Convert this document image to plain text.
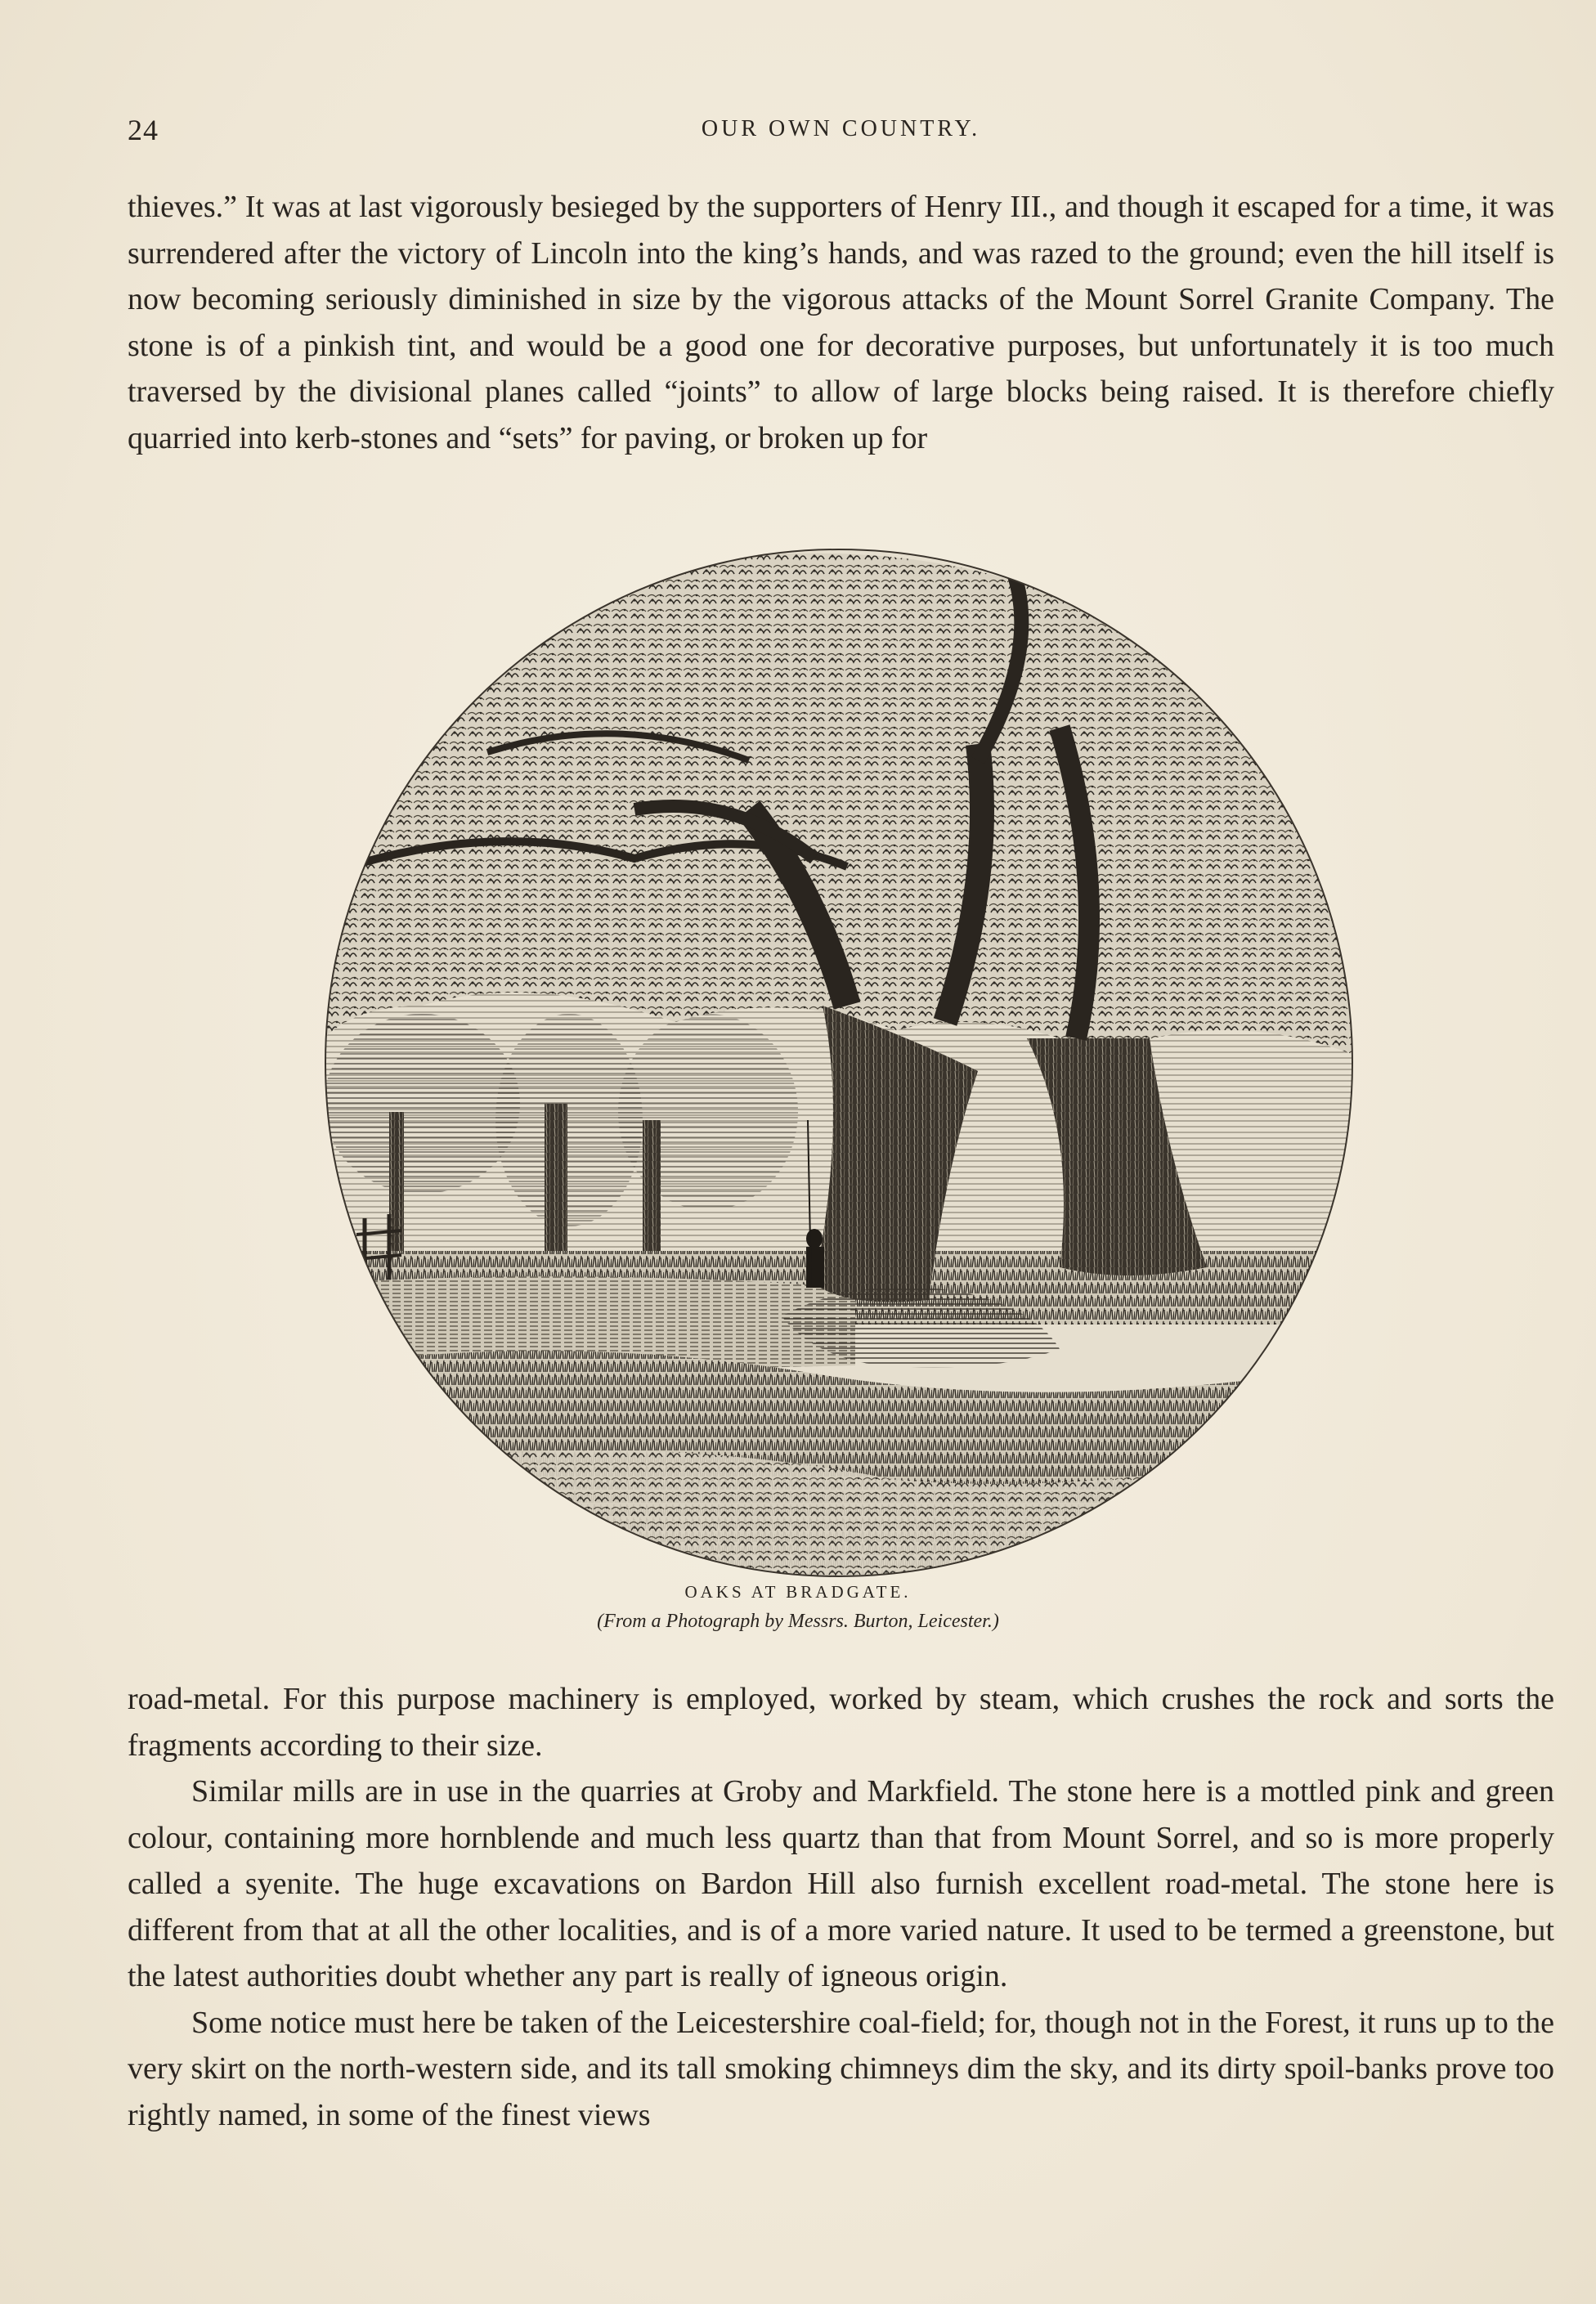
24	OUR OWN COUNTRY.

thieves.” It was at last vigorously besieged by the supporters of Henry III., and though it escaped for a time, it was surrendered after the victory of Lincoln into the king’s hands, and was razed to the ground; even the hill itself is now becoming seriously diminished in size by the vigorous attacks of the Mount Sorrel Granite Company. The stone is of a pinkish tint, and would be a good one for decorative purposes, but unfortunately it is too much traversed by the divisional planes called “joints” to allow of large blocks being raised. It is therefore chiefly quarried into kerb-stones and “sets” for paving, or broken up for

OAKS AT BRADGATE.
(From a Photograph by Messrs. Burton, Leicester.)

road-metal. For this purpose machinery is employed, worked by steam, which crushes the rock and sorts the fragments according to their size.

Similar mills are in use in the quarries at Groby and Markfield. The stone here is a mottled pink and green colour, containing more hornblende and much less quartz than that from Mount Sorrel, and so is more properly called a syenite. The huge excavations on Bardon Hill also furnish excellent road-metal. The stone here is different from that at all the other localities, and is of a more varied nature. It used to be termed a greenstone, but the latest authorities doubt whether any part is really of igneous origin.

Some notice must here be taken of the Leicestershire coal-field; for, though not in the Forest, it runs up to the very skirt on the north-western side, and its tall smoking chimneys dim the sky, and its dirty spoil-banks prove too rightly named, in some of the finest views
